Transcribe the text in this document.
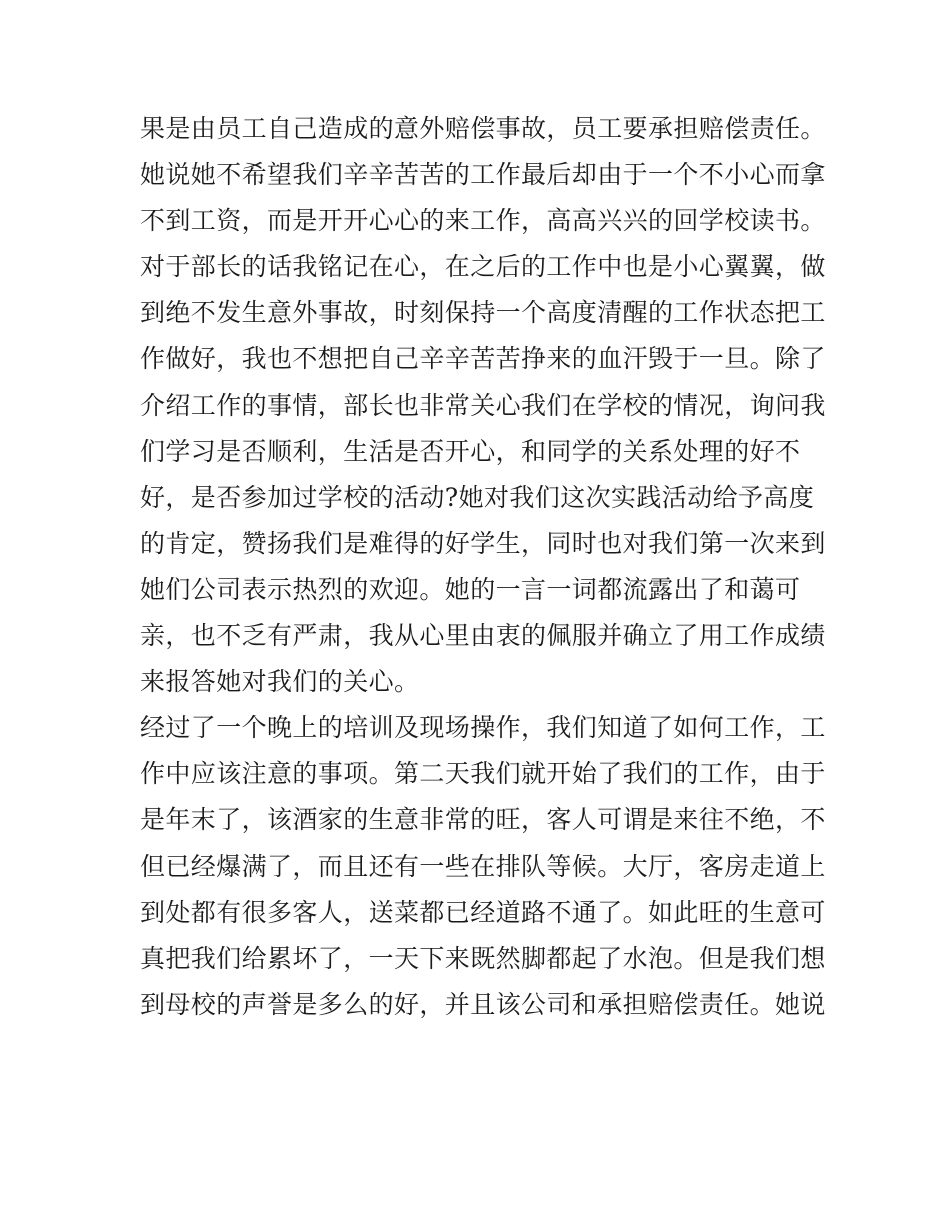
果是由员工自己造成的意外赔偿事故，员工要承担赔偿责任。
她说她不希望我们辛辛苦苦的工作最后却由于一个不小心而拿
不到工资，而是开开心心的来工作，高高兴兴的回学校读书。
对于部长的话我铭记在心，在之后的工作中也是小心翼翼，做
到绝不发生意外事故，时刻保持一个高度清醒的工作状态把工
作做好，我也不想把自己辛辛苦苦挣来的血汗毁于一旦。除了
介绍工作的事情，部长也非常关心我们在学校的情况，询问我
们学习是否顺利，生活是否开心，和同学的关系处理的好不
好，是否参加过学校的活动?她对我们这次实践活动给予高度
的肯定，赞扬我们是难得的好学生，同时也对我们第一次来到
她们公司表示热烈的欢迎。她的一言一词都流露出了和蔼可
亲，也不乏有严肃，我从心里由衷的佩服并确立了用工作成绩
来报答她对我们的关心。
经过了一个晚上的培训及现场操作，我们知道了如何工作，工
作中应该注意的事项。第二天我们就开始了我们的工作，由于
是年末了，该酒家的生意非常的旺，客人可谓是来往不绝，不
但已经爆满了，而且还有一些在排队等候。大厅，客房走道上
到处都有很多客人，送菜都已经道路不通了。如此旺的生意可
真把我们给累坏了，一天下来既然脚都起了水泡。但是我们想
到母校的声誉是多么的好，并且该公司和承担赔偿责任。她说
